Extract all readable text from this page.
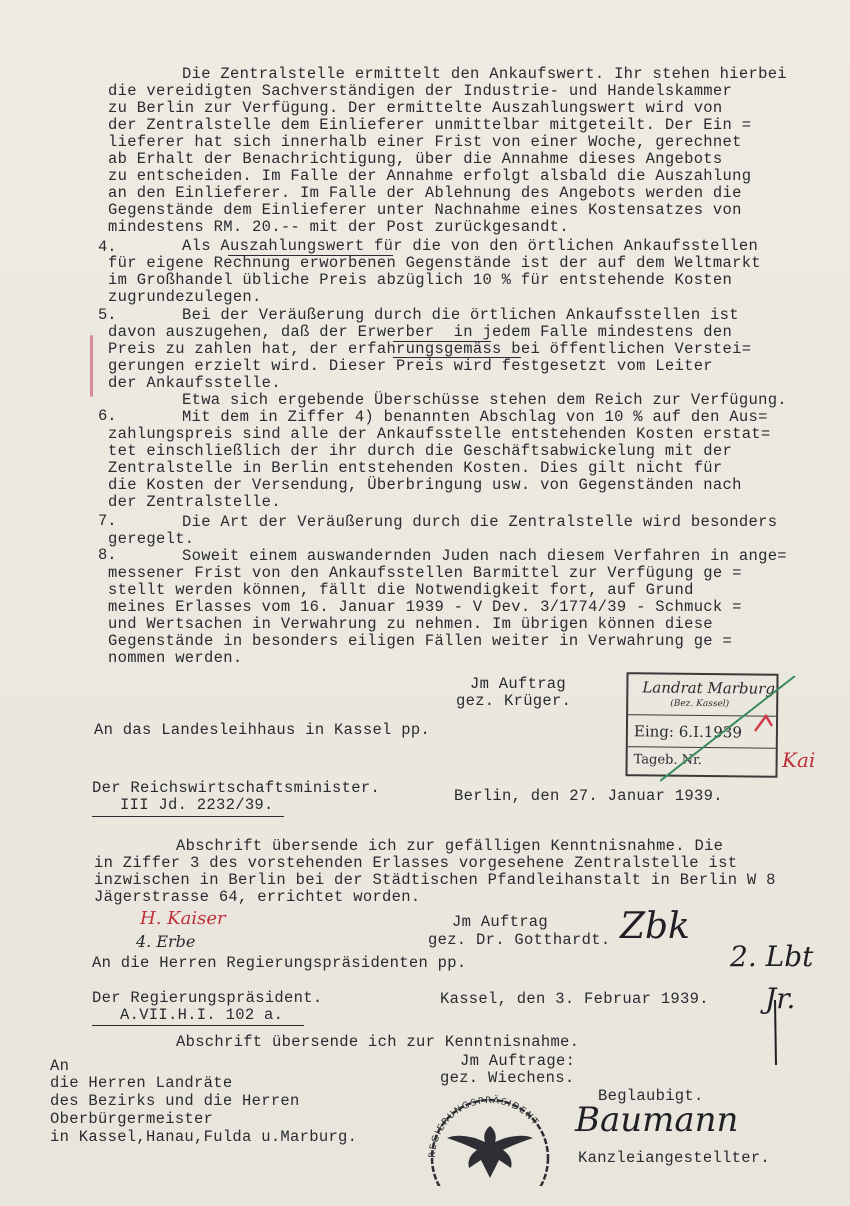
Die Zentralstelle ermittelt den Ankaufswert. Ihr stehen hierbei
die vereidigten Sachverständigen der Industrie- und Handelskammer
zu Berlin zur Verfügung. Der ermittelte Auszahlungswert wird von
der Zentralstelle dem Einlieferer unmittelbar mitgeteilt. Der Ein =
lieferer hat sich innerhalb einer Frist von einer Woche, gerechnet
ab Erhalt der Benachrichtigung, über die Annahme dieses Angebots
zu entscheiden. Im Falle der Annahme erfolgt alsbald die Auszahlung
an den Einlieferer. Im Falle der Ablehnung des Angebots werden die
Gegenstände dem Einlieferer unter Nachnahme eines Kostensatzes von
mindestens RM. 20.-- mit der Post zurückgesandt.
4.	Als Auszahlungswert für die von den örtlichen Ankaufsstellen
für eigene Rechnung erworbenen Gegenstände ist der auf dem Weltmarkt
im Großhandel übliche Preis abzüglich 10 % für entstehende Kosten
zugrundezulegen.
5.	Bei der Veräußerung durch die örtlichen Ankaufsstellen ist
davon auszugehen, daß der Erwerber  in jedem Falle mindestens den
Preis zu zahlen hat, der erfahrungsgemäss bei öffentlichen Verstei=
gerungen erzielt wird. Dieser Preis wird festgesetzt vom Leiter
der Ankaufsstelle.
Etwa sich ergebende Überschüsse stehen dem Reich zur Verfügung.
6.	Mit dem in Ziffer 4) benannten Abschlag von 10 % auf den Aus=
zahlungspreis sind alle der Ankaufsstelle entstehenden Kosten erstat=
tet einschließlich der ihr durch die Geschäftsabwickelung mit der
Zentralstelle in Berlin entstehenden Kosten. Dies gilt nicht für
die Kosten der Versendung, Überbringung usw. von Gegenständen nach
der Zentralstelle.
7.	Die Art der Veräußerung durch die Zentralstelle wird besonders
geregelt.
8.	Soweit einem auswandernden Juden nach diesem Verfahren in ange=
messener Frist von den Ankaufsstellen Barmittel zur Verfügung ge =
stellt werden können, fällt die Notwendigkeit fort, auf Grund
meines Erlasses vom 16. Januar 1939 - V Dev. 3/1774/39 - Schmuck =
und Wertsachen in Verwahrung zu nehmen. Im übrigen können diese
Gegenstände in besonders eiligen Fällen weiter in Verwahrung ge =
nommen werden.
Jm Auftrag
gez. Krüger.
An das Landesleihhaus in Kassel pp.
Landrat Marburg
(Bez. Kassel)
Eing: 6.I.1939
Tageb. Nr.	Kai
Der Reichswirtschaftsminister.	Berlin, den 27. Januar 1939.
III Jd. 2232/39.
Abschrift übersende ich zur gefälligen Kenntnisnahme. Die
in Ziffer 3 des vorstehenden Erlasses vorgesehene Zentralstelle ist
inzwischen in Berlin bei der Städtischen Pfandleihanstalt in Berlin W 8
Jägerstrasse 64, errichtet worden.
H. Kaiser
4. Erbe	Zbk
2. Lbt
Jr.
Jm Auftrag
gez. Dr. Gotthardt.
An die Herren Regierungspräsidenten pp.
Der Regierungspräsident.	Kassel, den 3. Februar 1939.
A.VII.H.I. 102 a.
Abschrift übersende ich zur Kenntnisnahme.
Jm Auftrage:
gez. Wiechens.
An
die Herren Landräte
des Bezirks und die Herren
Oberbürgermeister
in Kassel,Hanau,Fulda u.Marburg.
Beglaubigt.
Baumann
Kanzleiangestellter.
REGIERUNGSPRÄSIDENT
